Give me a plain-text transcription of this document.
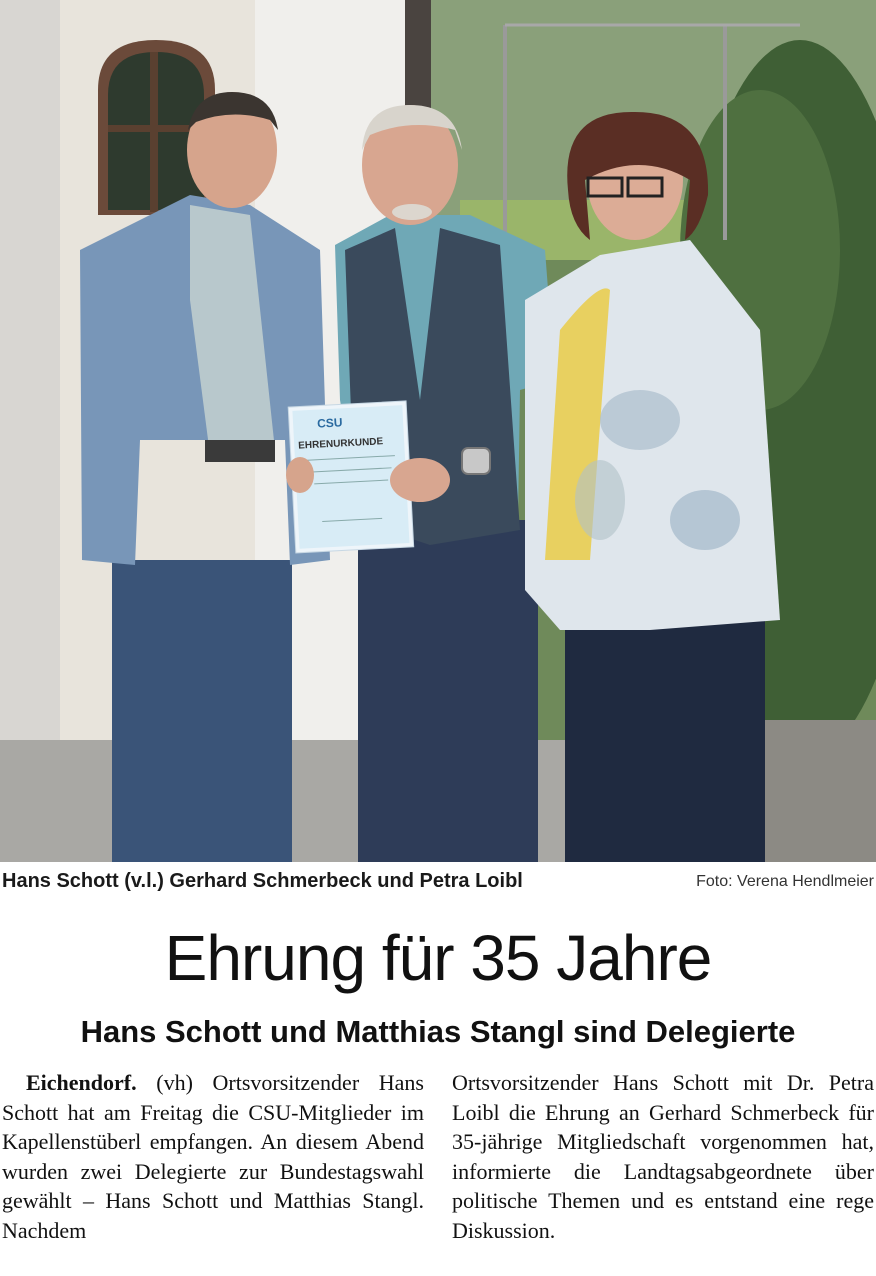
CSU
EHRENURKUNDE
Hans Schott (v.l.) Gerhard Schmerbeck und Petra Loibl	Foto: Verena Hendlmeier
Ehrung für 35 Jahre
Hans Schott und Matthias Stangl sind Delegierte

Eichendorf. (vh) Ortsvorsitzender Hans Schott hat am Freitag die CSU-Mitglieder im Kapellenstüberl empfangen. An diesem Abend wurden zwei Delegierte zur Bundestagswahl gewählt – Hans Schott und Matthias Stangl. Nachdem

Ortsvorsitzender Hans Schott mit Dr. Petra Loibl die Ehrung an Gerhard Schmerbeck für 35-jährige Mitgliedschaft vorgenommen hat, informierte die Landtagsabgeordnete über politische Themen und es entstand eine rege Diskussion.
